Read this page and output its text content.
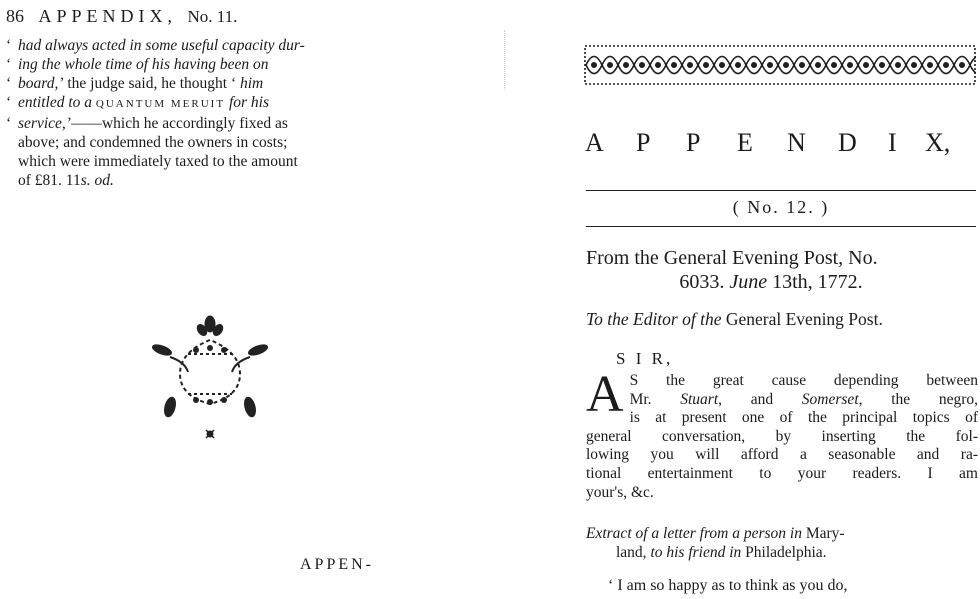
86 APPENDIX, No. 11.
‘ had always acted in some useful capacity dur-
‘ ing the whole time of his having been on
‘ board,’ the judge said, he thought ‘ him
‘ entitled to a QUANTUM MERUIT for his
‘ service,’——which he accordingly fixed as
above; and condemned the owners in costs;
which were immediately taxed to the amount
of £81. 11s. od.
APPEN-
A P P E N D I X,
( No. 12. )
From the General Evening Post, No.
6033. June 13th, 1772.
To the Editor of the General Evening Post.
S I R,
A S the great cause depending between
Mr. Stuart, and Somerset, the negro,
is at present one of the principal topics of
general conversation, by inserting the fol-
lowing you will afford a seasonable and ra-
tional entertainment to your readers. I am
your's, &c.
Extract of a letter from a person in Mary-
land, to his friend in Philadelphia.
‘ I am so happy as to think as you do,
